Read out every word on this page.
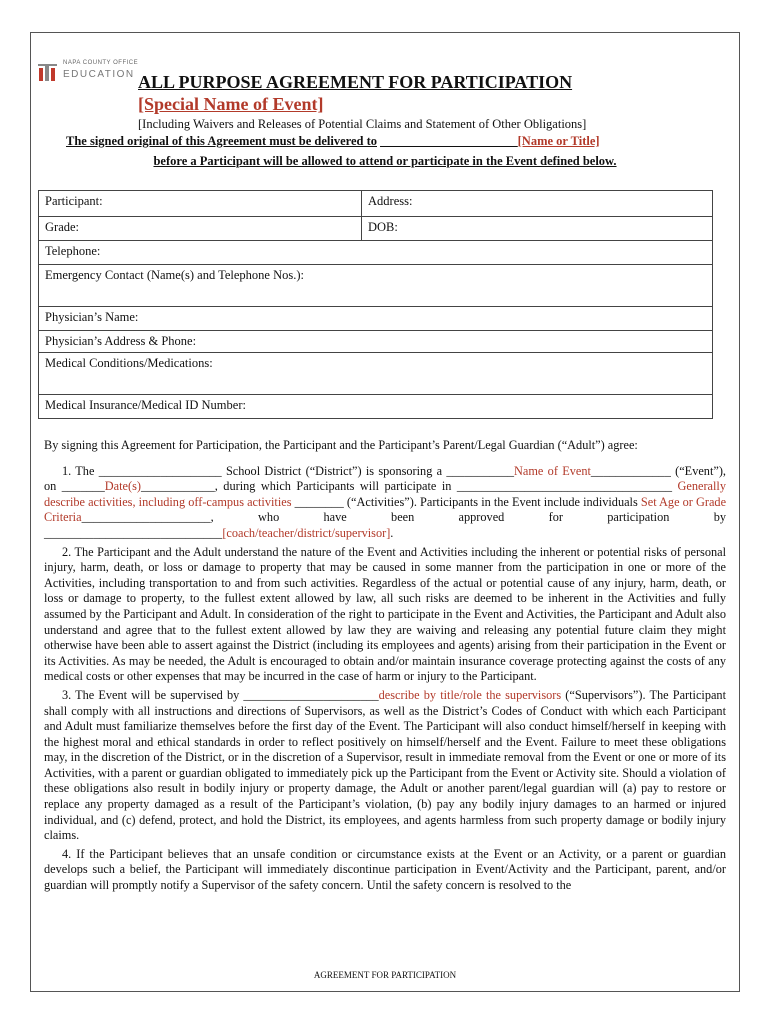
NAPA COUNTY OFFICE
EDUCATION ALL PURPOSE AGREEMENT FOR PARTICIPATION
[Special Name of Event]
[Including Waivers and Releases of Potential Claims and Statement of Other Obligations]
The signed original of this Agreement must be delivered to ______________________[Name or Title]
before a Participant will be allowed to attend or participate in the Event defined below.
Participant:	Address:
Grade:	DOB:
Telephone:	
Emergency Contact (Name(s) and Telephone Nos.):	
Physician’s Name:	
Physician’s Address & Phone:	
Medical Conditions/Medications:	
Medical Insurance/Medical ID Number:	

By signing this Agreement for Participation, the Participant and the Participant’s Parent/Legal Guardian (“Adult”) agree:

1. The ____________________ School District (“District”) is sponsoring a ___________Name of Event_____________ (“Event”), on _______Date(s)____________, during which Participants will participate in ___________________________________ Generally describe activities, including off-campus activities ________ (“Activities”). Participants in the Event include individuals Set Age or Grade Criteria_____________________, who have been approved for participation by _____________________________[coach/teacher/district/supervisor].

2. The Participant and the Adult understand the nature of the Event and Activities including the inherent or potential risks of personal injury, harm, death, or loss or damage to property that may be caused in some manner from the participation in one or more of the Activities, including transportation to and from such activities. Regardless of the actual or potential cause of any injury, harm, death, or loss or damage to property, to the fullest extent allowed by law, all such risks are deemed to be inherent in the Activities and fully assumed by the Participant and Adult. In consideration of the right to participate in the Event and Activities, the Participant and Adult also understand and agree that to the fullest extent allowed by law they are waiving and releasing any potential future claim they might otherwise have been able to assert against the District (including its employees and agents) arising from their participation in the Event or its Activities. As may be needed, the Adult is encouraged to obtain and/or maintain insurance coverage protecting against the costs of any medical costs or other expenses that may be incurred in the case of harm or injury to the Participant.

3. The Event will be supervised by ______________________describe by title/role the supervisors (“Supervisors”). The Participant shall comply with all instructions and directions of Supervisors, as well as the District’s Codes of Conduct with which each Participant and Adult must familiarize themselves before the first day of the Event. The Participant will also conduct himself/herself in keeping with the highest moral and ethical standards in order to reflect positively on himself/herself and the Event. Failure to meet these obligations may, in the discretion of the District, or in the discretion of a Supervisor, result in immediate removal from the Event or one or more of its Activities, with a parent or guardian obligated to immediately pick up the Participant from the Event or Activity site. Should a violation of these obligations also result in bodily injury or property damage, the Adult or another parent/legal guardian will (a) pay to restore or replace any property damaged as a result of the Participant’s violation, (b) pay any bodily injury damages to an harmed or injured individual, and (c) defend, protect, and hold the District, its employees, and agents harmless from such property damage or bodily injury claims.

4. If the Participant believes that an unsafe condition or circumstance exists at the Event or an Activity, or a parent or guardian develops such a belief, the Participant will immediately discontinue participation in Event/Activity and the Participant, parent, and/or guardian will promptly notify a Supervisor of the safety concern. Until the safety concern is resolved to the

AGREEMENT FOR PARTICIPATION
